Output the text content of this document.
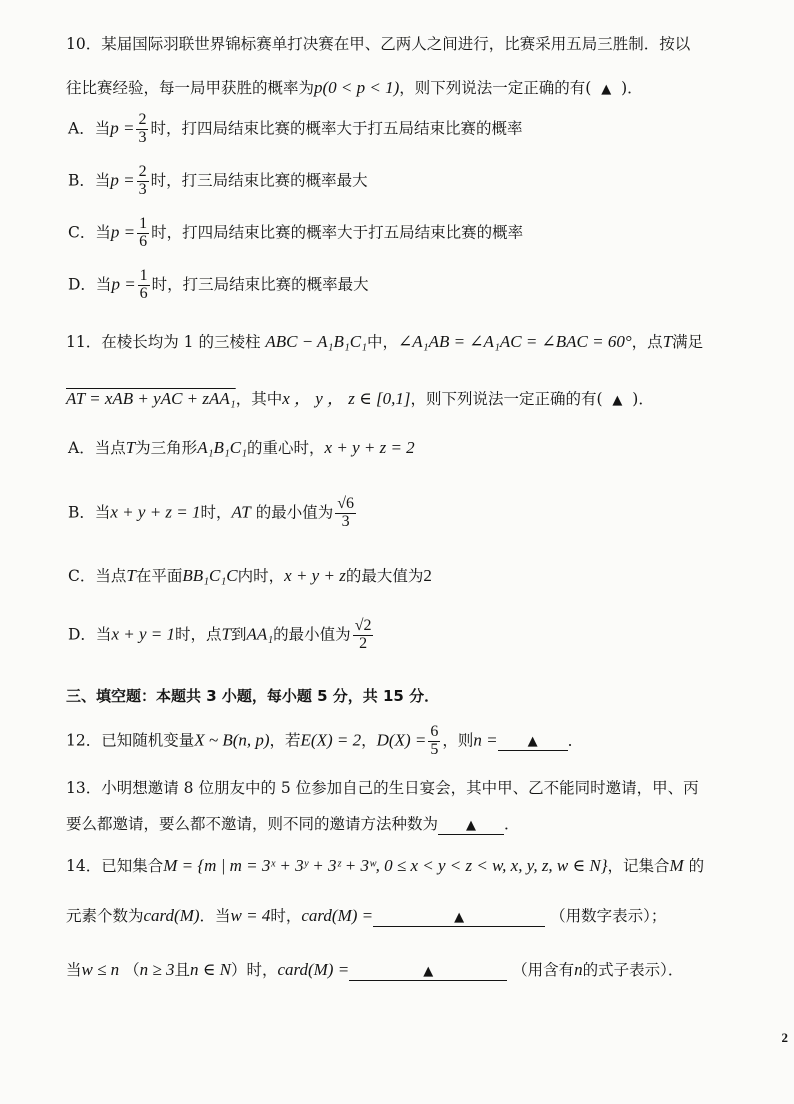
10．某届国际羽联世界锦标赛单打决赛在甲、乙两人之间进行，比赛采用五局三胜制．按以
往比赛经验，每一局甲获胜的概率为p(0 < p < 1)，则下列说法一定正确的有( ▲ )．
A．当$p = \frac{2}{3}$ 时，打四局结束比赛的概率大于打五局结束比赛的概率
B．当$p = \frac{2}{3}$ 时，打三局结束比赛的概率最大
C．当$p = \frac{1}{6}$ 时，打四局结束比赛的概率大于打五局结束比赛的概率
D．当$p = \frac{1}{6}$ 时，打三局结束比赛的概率最大
11．在棱长均为 1 的三棱柱 ABC − A₁B₁C₁中，∠A₁AB = ∠A₁AC = ∠BAC = 60°，点T满足
AT = xAB + yAC + zAA₁，其中x ， y ， z ∈ [0,1]，则下列说法一定正确的有( ▲ )．
A．当点T为三角形A₁B₁C₁的重心时，x + y + z = 2
B．当x + y + z = 1时，AT 的最小值为 $\frac{√6}{3}$
C．当点T在平面BB₁C₁C内时，x + y + z的最大值为2
D．当x + y = 1时，点T到AA₁的最小值为 $\frac{√2}{2}$
三、填空题：本题共 3 小题，每小题 5 分，共 15 分．
12．已知随机变量X ~ B(n, p)，若E(X) = 2，$D(X) = \frac{6}{5}$ ，则n = ▲ ．
13．小明想邀请 8 位朋友中的 5 位参加自己的生日宴会，其中甲、乙不能同时邀请，甲、丙
要么都邀请，要么都不邀请，则不同的邀请方法种数为 ▲ ．
14．已知集合M = {m | m = 3ˣ + 3ʸ + 3ᶻ + 3ʷ, 0 ≤ x < y < z < w, x, y, z, w ∈ N}，记集合M 的
元素个数为card(M)．当w = 4时，card(M) =	▲	（用数字表示）；
当w ≤ n （n ≥ 3且n ∈ N）时，card(M) =	▲	（用含有n的式子表示）．
2
